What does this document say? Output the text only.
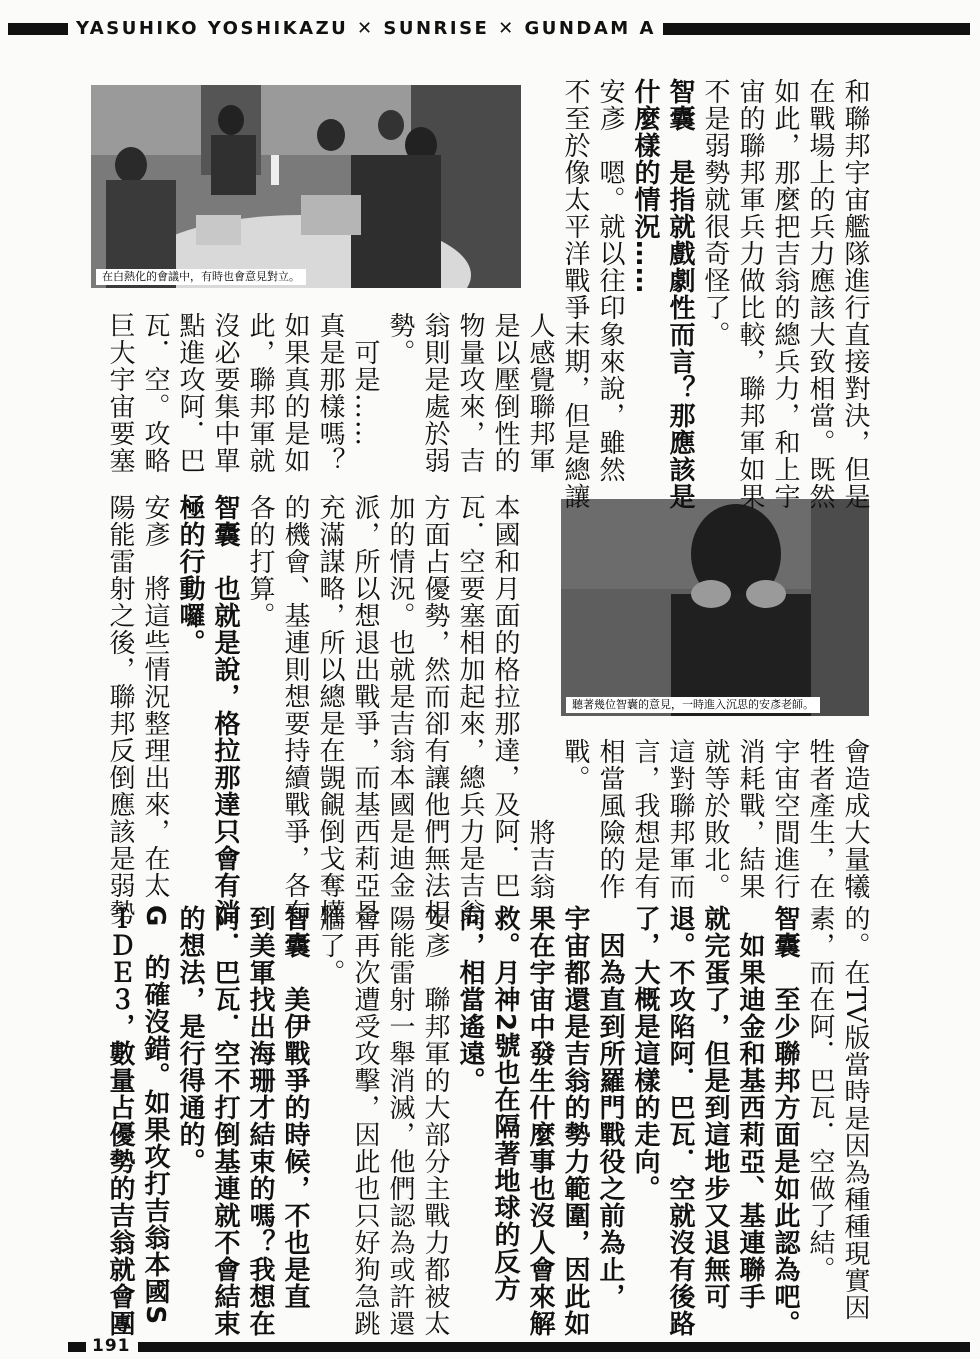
YASUHIKO YOSHIKAZU ✕ SUNRISE ✕ GUNDAM A
在白熱化的會議中，有時也會意見對立。
聽著幾位智囊的意見，一時進入沉思的安彥老師。
和聯邦宇宙艦隊進行直接對決，但是
在戰場上的兵力應該大致相當。既然
如此，那麼把吉翁的總兵力，和上宇
宙的聯邦軍兵力做比較，聯邦軍如果
不是弱勢就很奇怪了。
智囊　是指就戲劇性而言？那應該是
什麼樣的情況……
安彥　嗯。就以往印象來說，雖然
不至於像太平洋戰爭末期，但是總讓
人感覺聯邦軍
是以壓倒性的
物量攻來，吉
翁則是處於弱
勢。
　可是……
真是那樣嗎？
如果真的是如
此，聯邦軍就
沒必要集中單
點進攻阿．巴
瓦．空。攻略
巨大宇宙要塞
會造成大量犧
牲者產生，在
宇宙空間進行
消耗戰，結果
就等於敗北。
這對聯邦軍而
言，我想是有
相當風險的作
戰。
　將吉翁
本國和月面的格拉那達，及阿．巴
瓦．空要塞相加起來，總兵力是吉翁
方面占優勢，然而卻有讓他們無法相
加的情況。也就是吉翁本國是迪金
派，所以想退出戰爭，而基西莉亞是
充滿謀略，所以總是在覬覦倒戈奪權
的機會、基連則想要持續戰爭，各有
各的打算。
智囊　也就是說，格拉那達只會有消
極的行動囉。
安彥　將這些情況整理出來，在太
陽能雷射之後，聯邦反倒應該是弱勢
的。在TV版當時是因為種種現實因
素，而在阿．巴瓦．空做了結。
智囊　至少聯邦方面是如此認為吧。
　如果迪金和基西莉亞、基連聯手
就完蛋了，但是到這地步又退無可
退。不攻陷阿．巴瓦．空就沒有後路
了，大概是這樣的走向。
　因為直到所羅門戰役之前為止，
宇宙都還是吉翁的勢力範圍，因此如
果在宇宙中發生什麼事也沒人會來解
救。月神2號也在隔著地球的反方
向，相當遙遠。
安彥　聯邦軍的大部分主戰力都被太
陽能雷射一舉消滅，他們認為或許還
會再次遭受攻擊，因此也只好狗急跳
牆了。
智囊　美伊戰爭的時候，不也是直
到美軍找出海珊才結束的嗎？我想在
阿．巴瓦．空不打倒基連就不會結束
的想法，是行得通的。
G　的確沒錯。如果攻打吉翁本國S
ＩＤＥ３，數量占優勢的吉翁就會團
191
